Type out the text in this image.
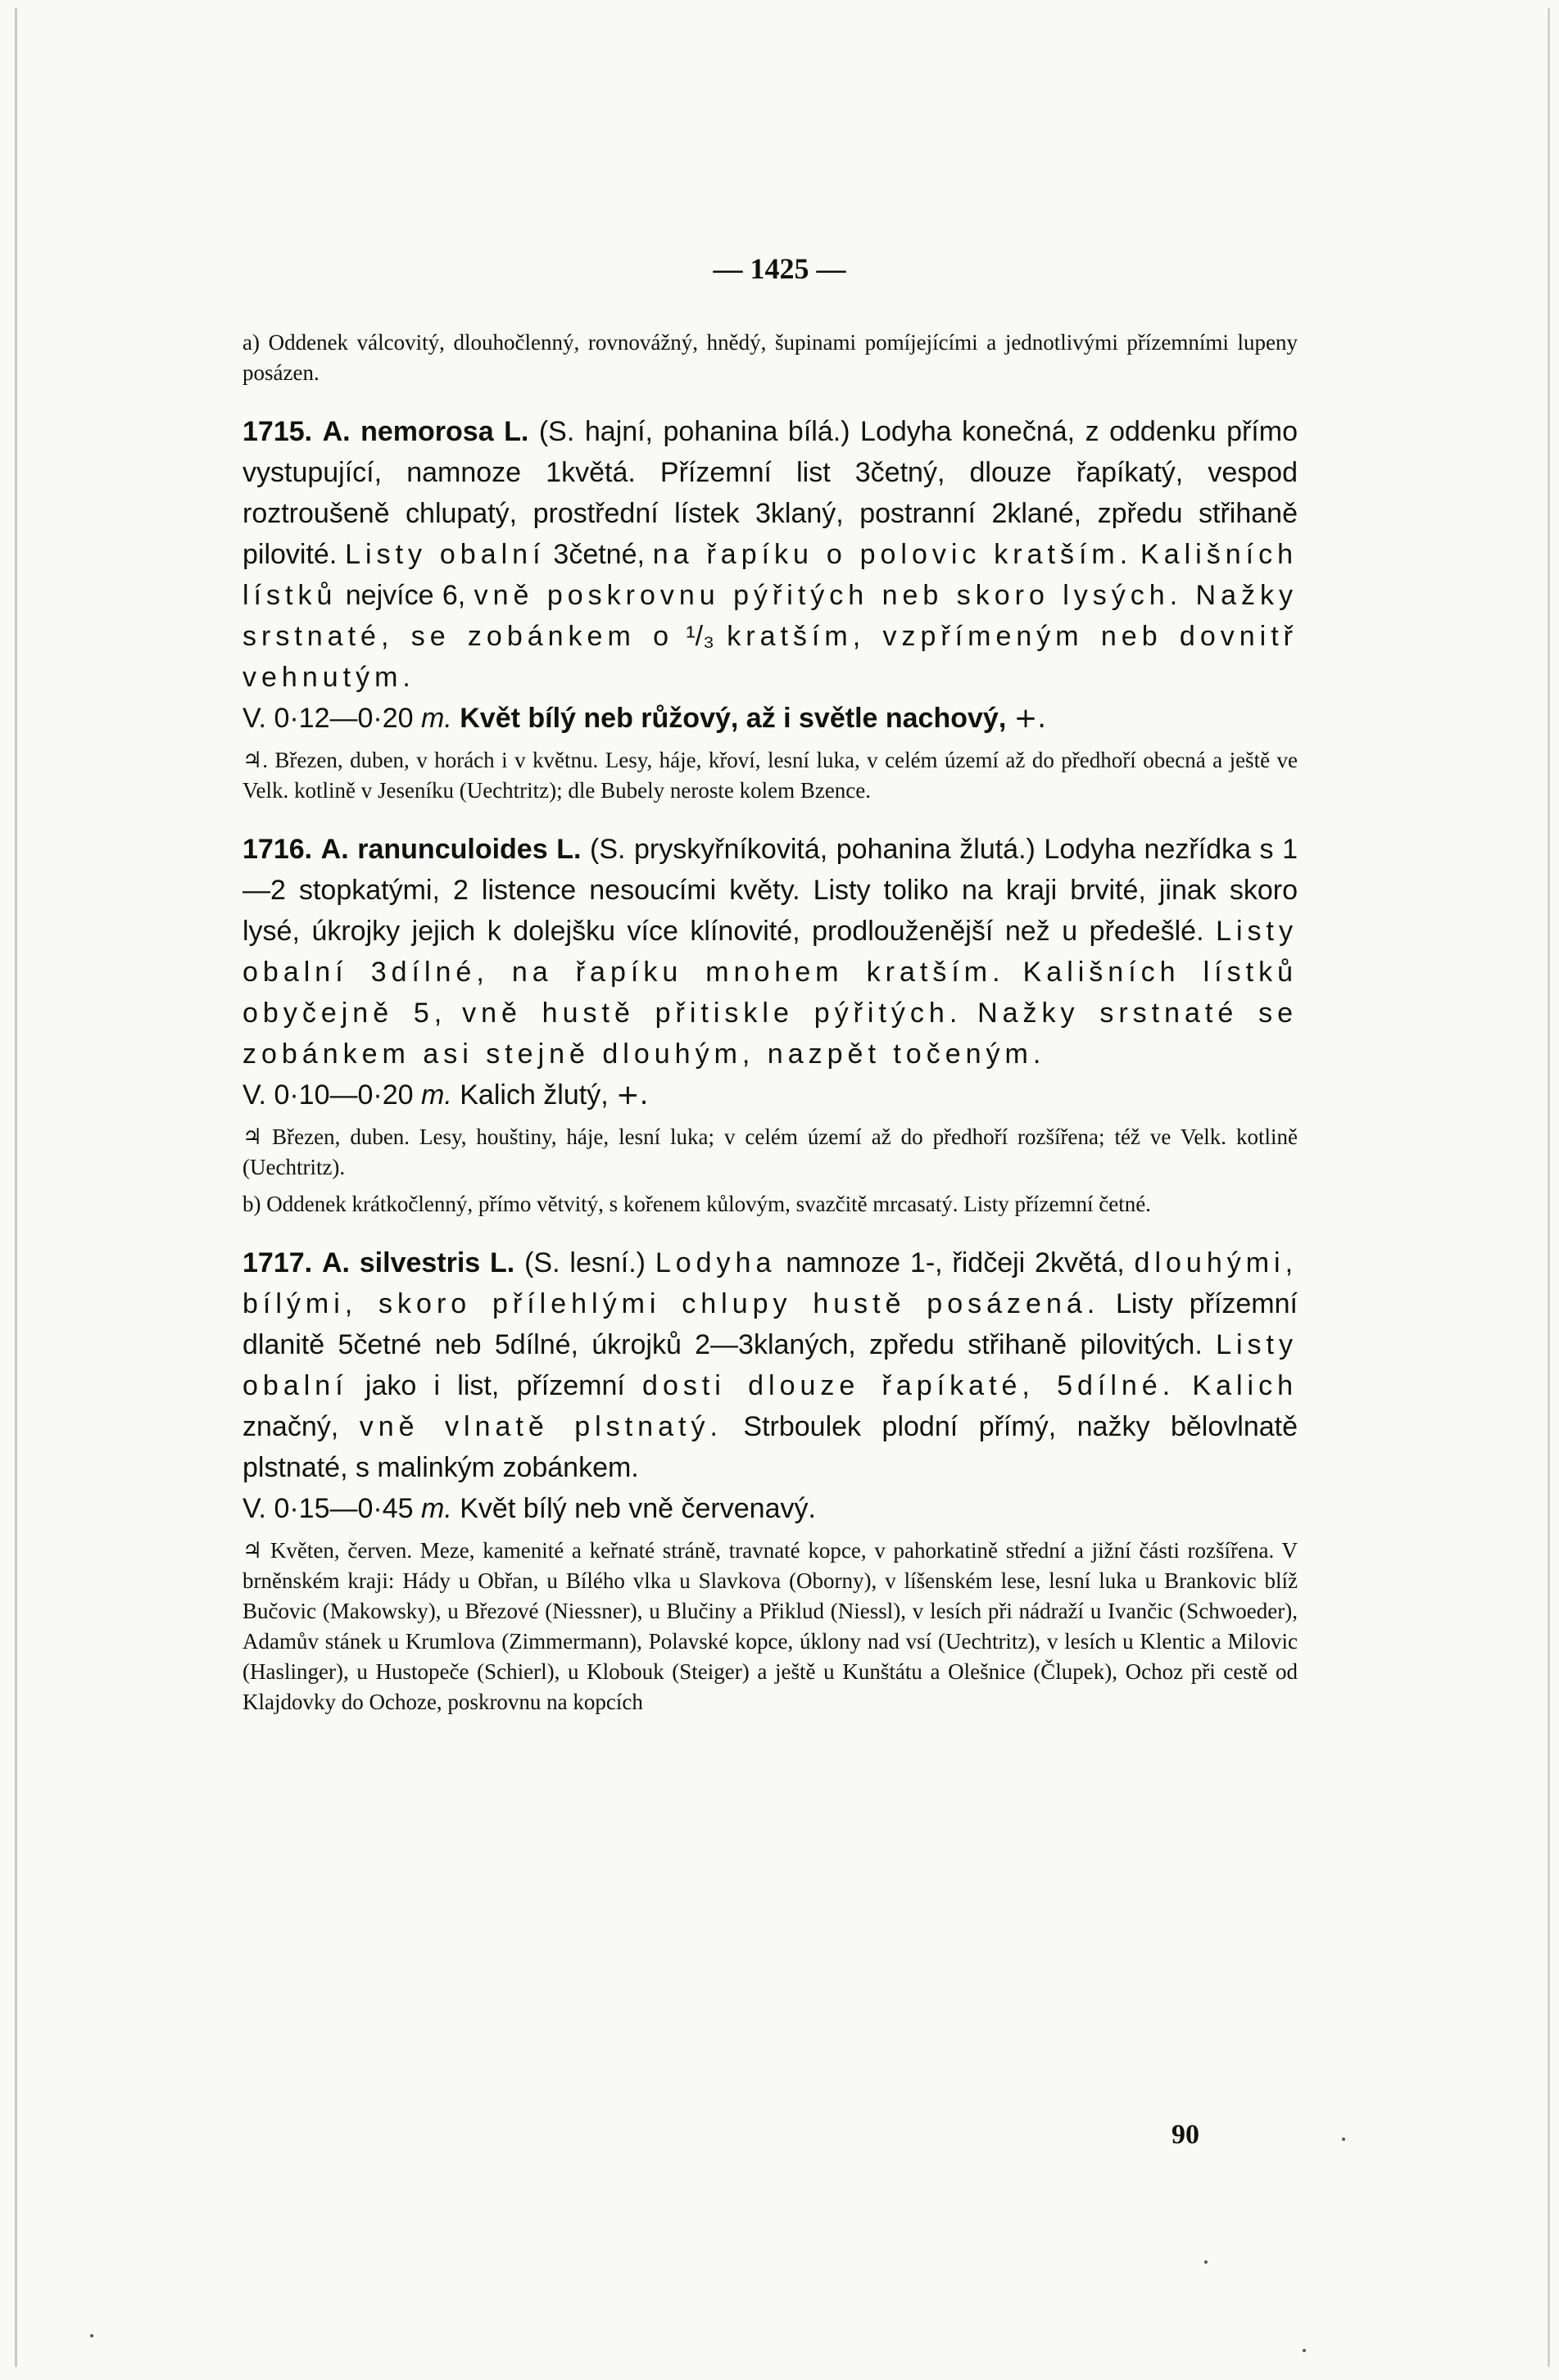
— 1425 —

a) Oddenek válcovitý, dlouhočlenný, rovnovážný, hnědý, šupinami pomíjejícími a jednotlivými přízemními lupeny posázen.

1715. A. nemorosa L. (S. hajní, pohanina bílá.) Lodyha konečná, z oddenku přímo vystupující, namnoze 1květá. Přízemní list 3četný, dlouze řapíkatý, vespod roztroušeně chlupatý, prostřední lístek 3klaný, postranní 2klané, zpředu střihaně pilovité. Listy obalní 3četné, na řapíku o polovic kratším. Kališních lístků nejvíce 6, vně poskrovnu pýřitých neb skoro lysých. Nažky srstnaté, se zobánkem o ¹/₃ kratším, vzpřímeným neb dovnitř vehnutým.

V. 0·12—0·20 m. Květ bílý neb růžový, až i světle nachový, +.

♃. Březen, duben, v horách i v květnu. Lesy, háje, křoví, lesní luka, v celém území až do předhoří obecná a ještě ve Velk. kotlině v Jeseníku (Uechtritz); dle Bubely neroste kolem Bzence.

1716. A. ranunculoides L. (S. pryskyřníkovitá, pohanina žlutá.) Lodyha nezřídka s 1—2 stopkatými, 2 listence nesoucími květy. Listy toliko na kraji brvité, jinak skoro lysé, úkrojky jejich k dolejšku více klínovité, prodlouženější než u předešlé. Listy obalní 3dílné, na řapíku mnohem kratším. Kališních lístků obyčejně 5, vně hustě přitiskle pýřitých. Nažky srstnaté se zobánkem asi stejně dlouhým, nazpět točeným.

V. 0·10—0·20 m. Kalich žlutý, +.

♃ Březen, duben. Lesy, houštiny, háje, lesní luka; v celém území až do předhoří rozšířena; též ve Velk. kotlině (Uechtritz).

b) Oddenek krátkočlenný, přímo větvitý, s kořenem kůlovým, svazčitě mrcasatý. Listy přízemní četné.

1717. A. silvestris L. (S. lesní.) Lodyha namnoze 1-, řidčeji 2květá, dlouhými, bílými, skoro přílehlými chlupy hustě posázená. Listy přízemní dlanitě 5četné neb 5dílné, úkrojků 2—3klaných, zpředu střihaně pilovitých. Listy obalní jako i list, přízemní dosti dlouze řapíkaté, 5dílné. Kalich značný, vně vlnatě plstnatý. Strboulek plodní přímý, nažky bělovlnatě plstnaté, s malinkým zobánkem.

V. 0·15—0·45 m. Květ bílý neb vně červenavý.

♃ Květen, červen. Meze, kamenité a keřnaté stráně, travnaté kopce, v pahorkatině střední a jižní části rozšířena. V brněnském kraji: Hády u Obřan, u Bílého vlka u Slavkova (Oborny), v líšenském lese, lesní luka u Brankovic blíž Bučovic (Makowsky), u Březové (Niessner), u Blučiny a Přiklud (Niessl), v lesích při nádraží u Ivančic (Schwoeder), Adamův stánek u Krumlova (Zimmermann), Polavské kopce, úklony nad vsí (Uechtritz), v lesích u Klentic a Milovic (Haslinger), u Hustopeče (Schierl), u Klobouk (Steiger) a ještě u Kunštátu a Olešnice (Člupek), Ochoz při cestě od Klajdovky do Ochoze, poskrovnu na kopcích

90
